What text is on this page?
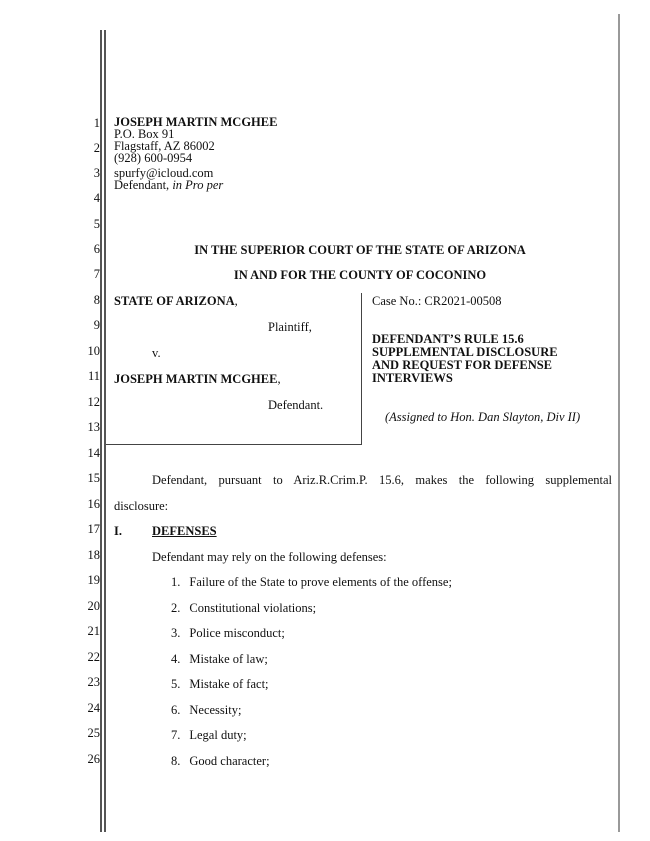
1
2
3
4
5
6
7
8
9
10
11
12
13
14
15
16
17
18
19
20
21
22
23
24
25
26
JOSEPH MARTIN MCGHEE
P.O. Box 91
Flagstaff, AZ 86002
(928) 600-0954
spurfy@icloud.com
Defendant, in Pro per
IN THE SUPERIOR COURT OF THE STATE OF ARIZONA
IN AND FOR THE COUNTY OF COCONINO
STATE OF ARIZONA,
Plaintiff,
v.
JOSEPH MARTIN MCGHEE,
Defendant.
Case No.: CR2021-00508
DEFENDANT’S RULE 15.6
SUPPLEMENTAL DISCLOSURE
AND REQUEST FOR DEFENSE
INTERVIEWS
(Assigned to Hon. Dan Slayton, Div II)
Defendant, pursuant to Ariz.R.Crim.P. 15.6, makes the following supplemental
disclosure:
I. DEFENSES
Defendant may rely on the following defenses:
1. Failure of the State to prove elements of the offense;
2. Constitutional violations;
3. Police misconduct;
4. Mistake of law;
5. Mistake of fact;
6. Necessity;
7. Legal duty;
8. Good character;
